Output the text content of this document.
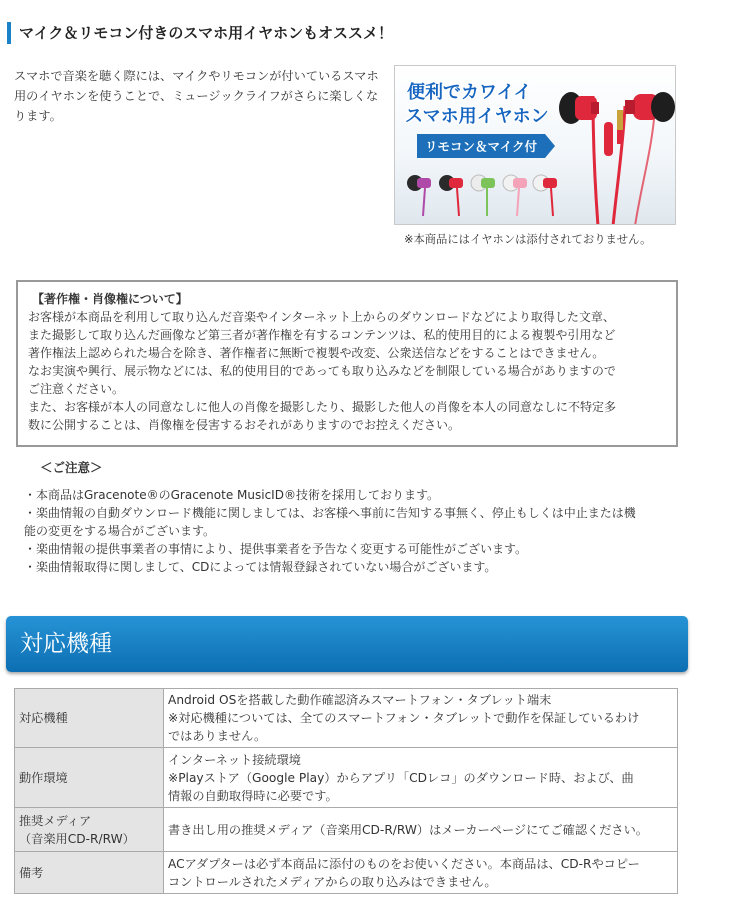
マイク＆リモコン付きのスマホ用イヤホンもオススメ！
スマホで音楽を聴く際には、マイクやリモコンが付いているスマホ用のイヤホンを使うことで、ミュージックライフがさらに楽しくなります。
便利でカワイイ
スマホ用イヤホン
リモコン＆マイク付
※本商品にはイヤホンは添付されておりません。
【著作権・肖像権について】
お客様が本商品を利用して取り込んだ音楽やインターネット上からのダウンロードなどにより取得した文章、
また撮影して取り込んだ画像など第三者が著作権を有するコンテンツは、私的使用目的による複製や引用など
著作権法上認められた場合を除き、著作権者に無断で複製や改変、公衆送信などをすることはできません。
なお実演や興行、展示物などには、私的使用目的であっても取り込みなどを制限している場合がありますので
ご注意ください。
また、お客様が本人の同意なしに他人の肖像を撮影したり、撮影した他人の肖像を本人の同意なしに不特定多
数に公開することは、肖像権を侵害するおそれがありますのでお控えください。
＜ご注意＞
・本商品はGracenote®のGracenote MusicID®技術を採用しております。
・楽曲情報の自動ダウンロード機能に関しましては、お客様へ事前に告知する事無く、停止もしくは中止または機
能の変更をする場合がございます。
・楽曲情報の提供事業者の事情により、提供事業者を予告なく変更する可能性がございます。
・楽曲情報取得に関しまして、CDによっては情報登録されていない場合がございます。
対応機種
対応機種	Android OSを搭載した動作確認済みスマートフォン・タブレット端末
※対応機種については、全てのスマートフォン・タブレットで動作を保証しているわけ
ではありません。

動作環境	インターネット接続環境
※Playストア（Google Play）からアプリ「CDレコ」のダウンロード時、および、曲
情報の自動取得時に必要です。

推奨メディア
（音楽用CD-R/RW）	書き出し用の推奨メディア（音楽用CD-R/RW）はメーカーページにてご確認ください。

備考	ACアダプターは必ず本商品に添付のものをお使いください。本商品は、CD-Rやコピー
コントロールされたメディアからの取り込みはできません。
